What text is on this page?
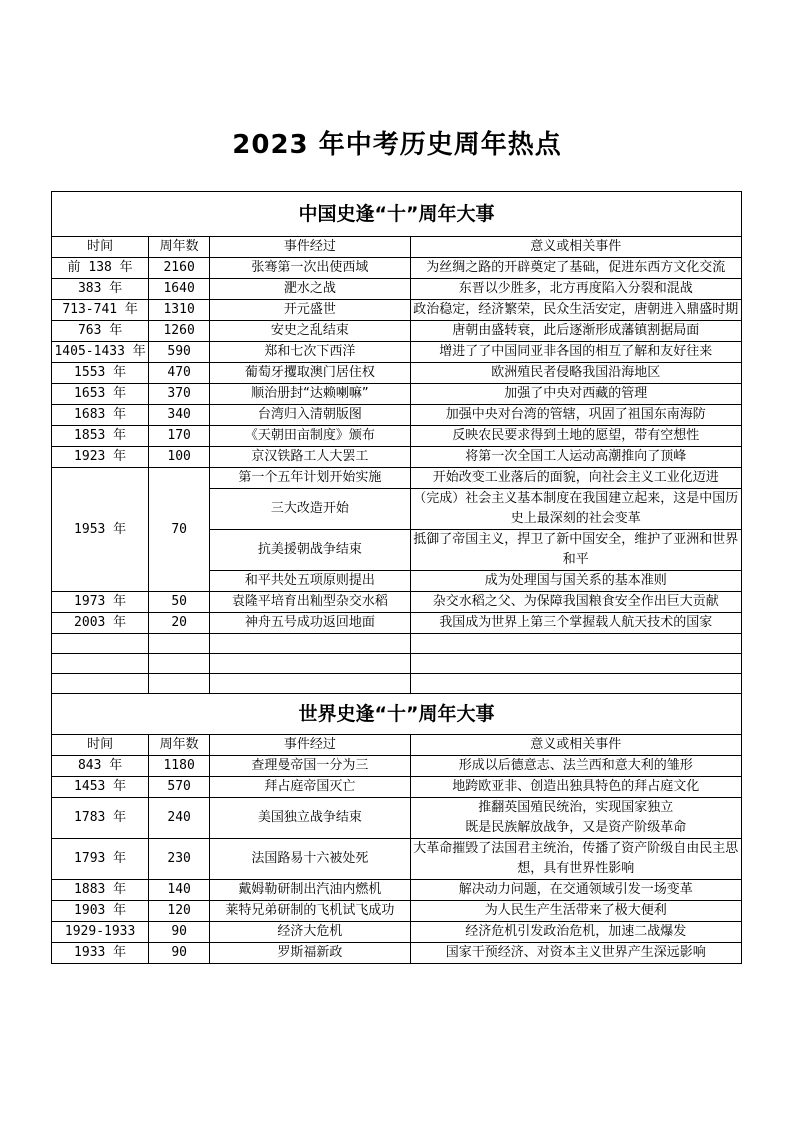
2023 年中考历史周年热点
中国史逢“十”周年大事			
时间	周年数	事件经过	意义或相关事件
前 138 年	2160	张骞第一次出使西域	为丝绸之路的开辟奠定了基础，促进东西方文化交流
383 年	1640	淝水之战	东晋以少胜多，北方再度陷入分裂和混战
713-741 年	1310	开元盛世	政治稳定，经济繁荣，民众生活安定，唐朝进入鼎盛时期
763 年	1260	安史之乱结束	唐朝由盛转衰，此后逐渐形成藩镇割据局面
1405-1433 年	590	郑和七次下西洋	增进了了中国同亚非各国的相互了解和友好往来
1553 年	470	葡萄牙攫取澳门居住权	欧洲殖民者侵略我国沿海地区
1653 年	370	顺治册封“达赖喇嘛”	加强了中央对西藏的管理
1683 年	340	台湾归入清朝版图	加强中央对台湾的管辖，巩固了祖国东南海防
1853 年	170	《天朝田亩制度》颁布	反映农民要求得到土地的愿望，带有空想性
1923 年	100	京汉铁路工人大罢工	将第一次全国工人运动高潮推向了顶峰
1953 年	70	第一个五年计划开始实施	开始改变工业落后的面貌，向社会主义工业化迈进
		三大改造开始	（完成）社会主义基本制度在我国建立起来，这是中国历史上最深刻的社会变革
		抗美援朝战争结束	抵御了帝国主义，捍卫了新中国安全，维护了亚洲和世界和平
		和平共处五项原则提出	成为处理国与国关系的基本准则
1973 年	50	袁隆平培育出籼型杂交水稻	杂交水稻之父、为保障我国粮食安全作出巨大贡献
2003 年	20	神舟五号成功返回地面	我国成为世界上第三个掌握载人航天技术的国家

世界史逢“十”周年大事			
时间	周年数	事件经过	意义或相关事件
843 年	1180	查理曼帝国一分为三	形成以后德意志、法兰西和意大利的雏形
1453 年	570	拜占庭帝国灭亡	地跨欧亚非、创造出独具特色的拜占庭文化
1783 年	240	美国独立战争结束	推翻英国殖民统治，实现国家独立
既是民族解放战争，又是资产阶级革命

1793 年	230	法国路易十六被处死	大革命摧毁了法国君主统治，传播了资产阶级自由民主思想，具有世界性影响
1883 年	140	戴姆勒研制出汽油内燃机	解决动力问题，在交通领域引发一场变革
1903 年	120	莱特兄弟研制的飞机试飞成功	为人民生产生活带来了极大便利
1929-1933	90	经济大危机	经济危机引发政治危机，加速二战爆发
1933 年	90	罗斯福新政	国家干预经济、对资本主义世界产生深远影响
